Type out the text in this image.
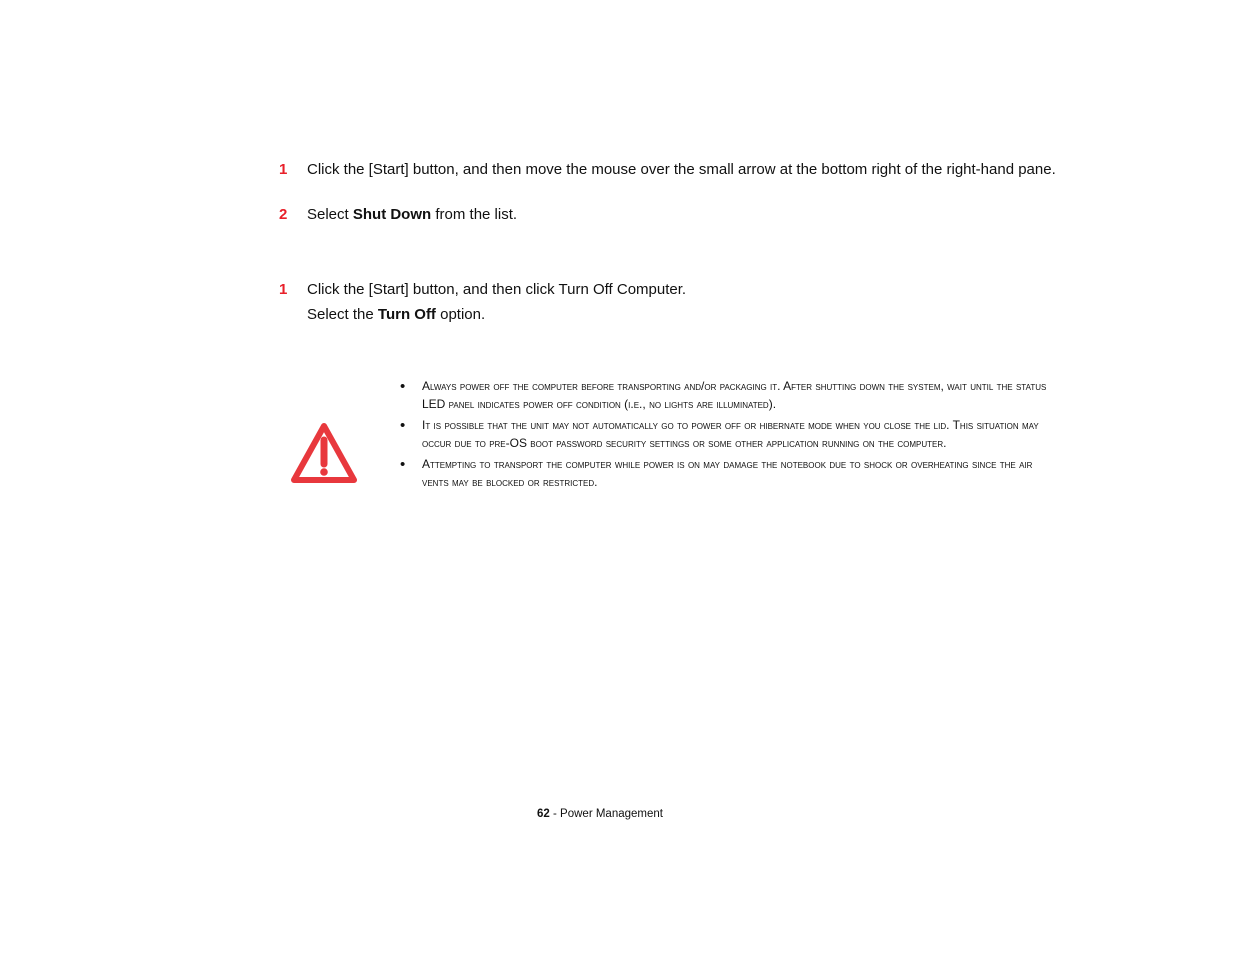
1 Click the [Start] button, and then move the mouse over the small arrow at the bottom right of the right-hand pane.
2 Select Shut Down from the list.
1 Click the [Start] button, and then click Turn Off Computer.
Select the Turn Off option.
• Always power off the computer before transporting and/or packaging it. After shutting down the system, wait until the status LED panel indicates power off condition (i.e., no lights are illuminated).
• It is possible that the unit may not automatically go to power off or hibernate mode when you close the lid. This situation may occur due to pre-OS boot password security settings or some other application running on the computer.
• Attempting to transport the computer while power is on may damage the notebook due to shock or overheating since the air vents may be blocked or restricted.
62 - Power Management
